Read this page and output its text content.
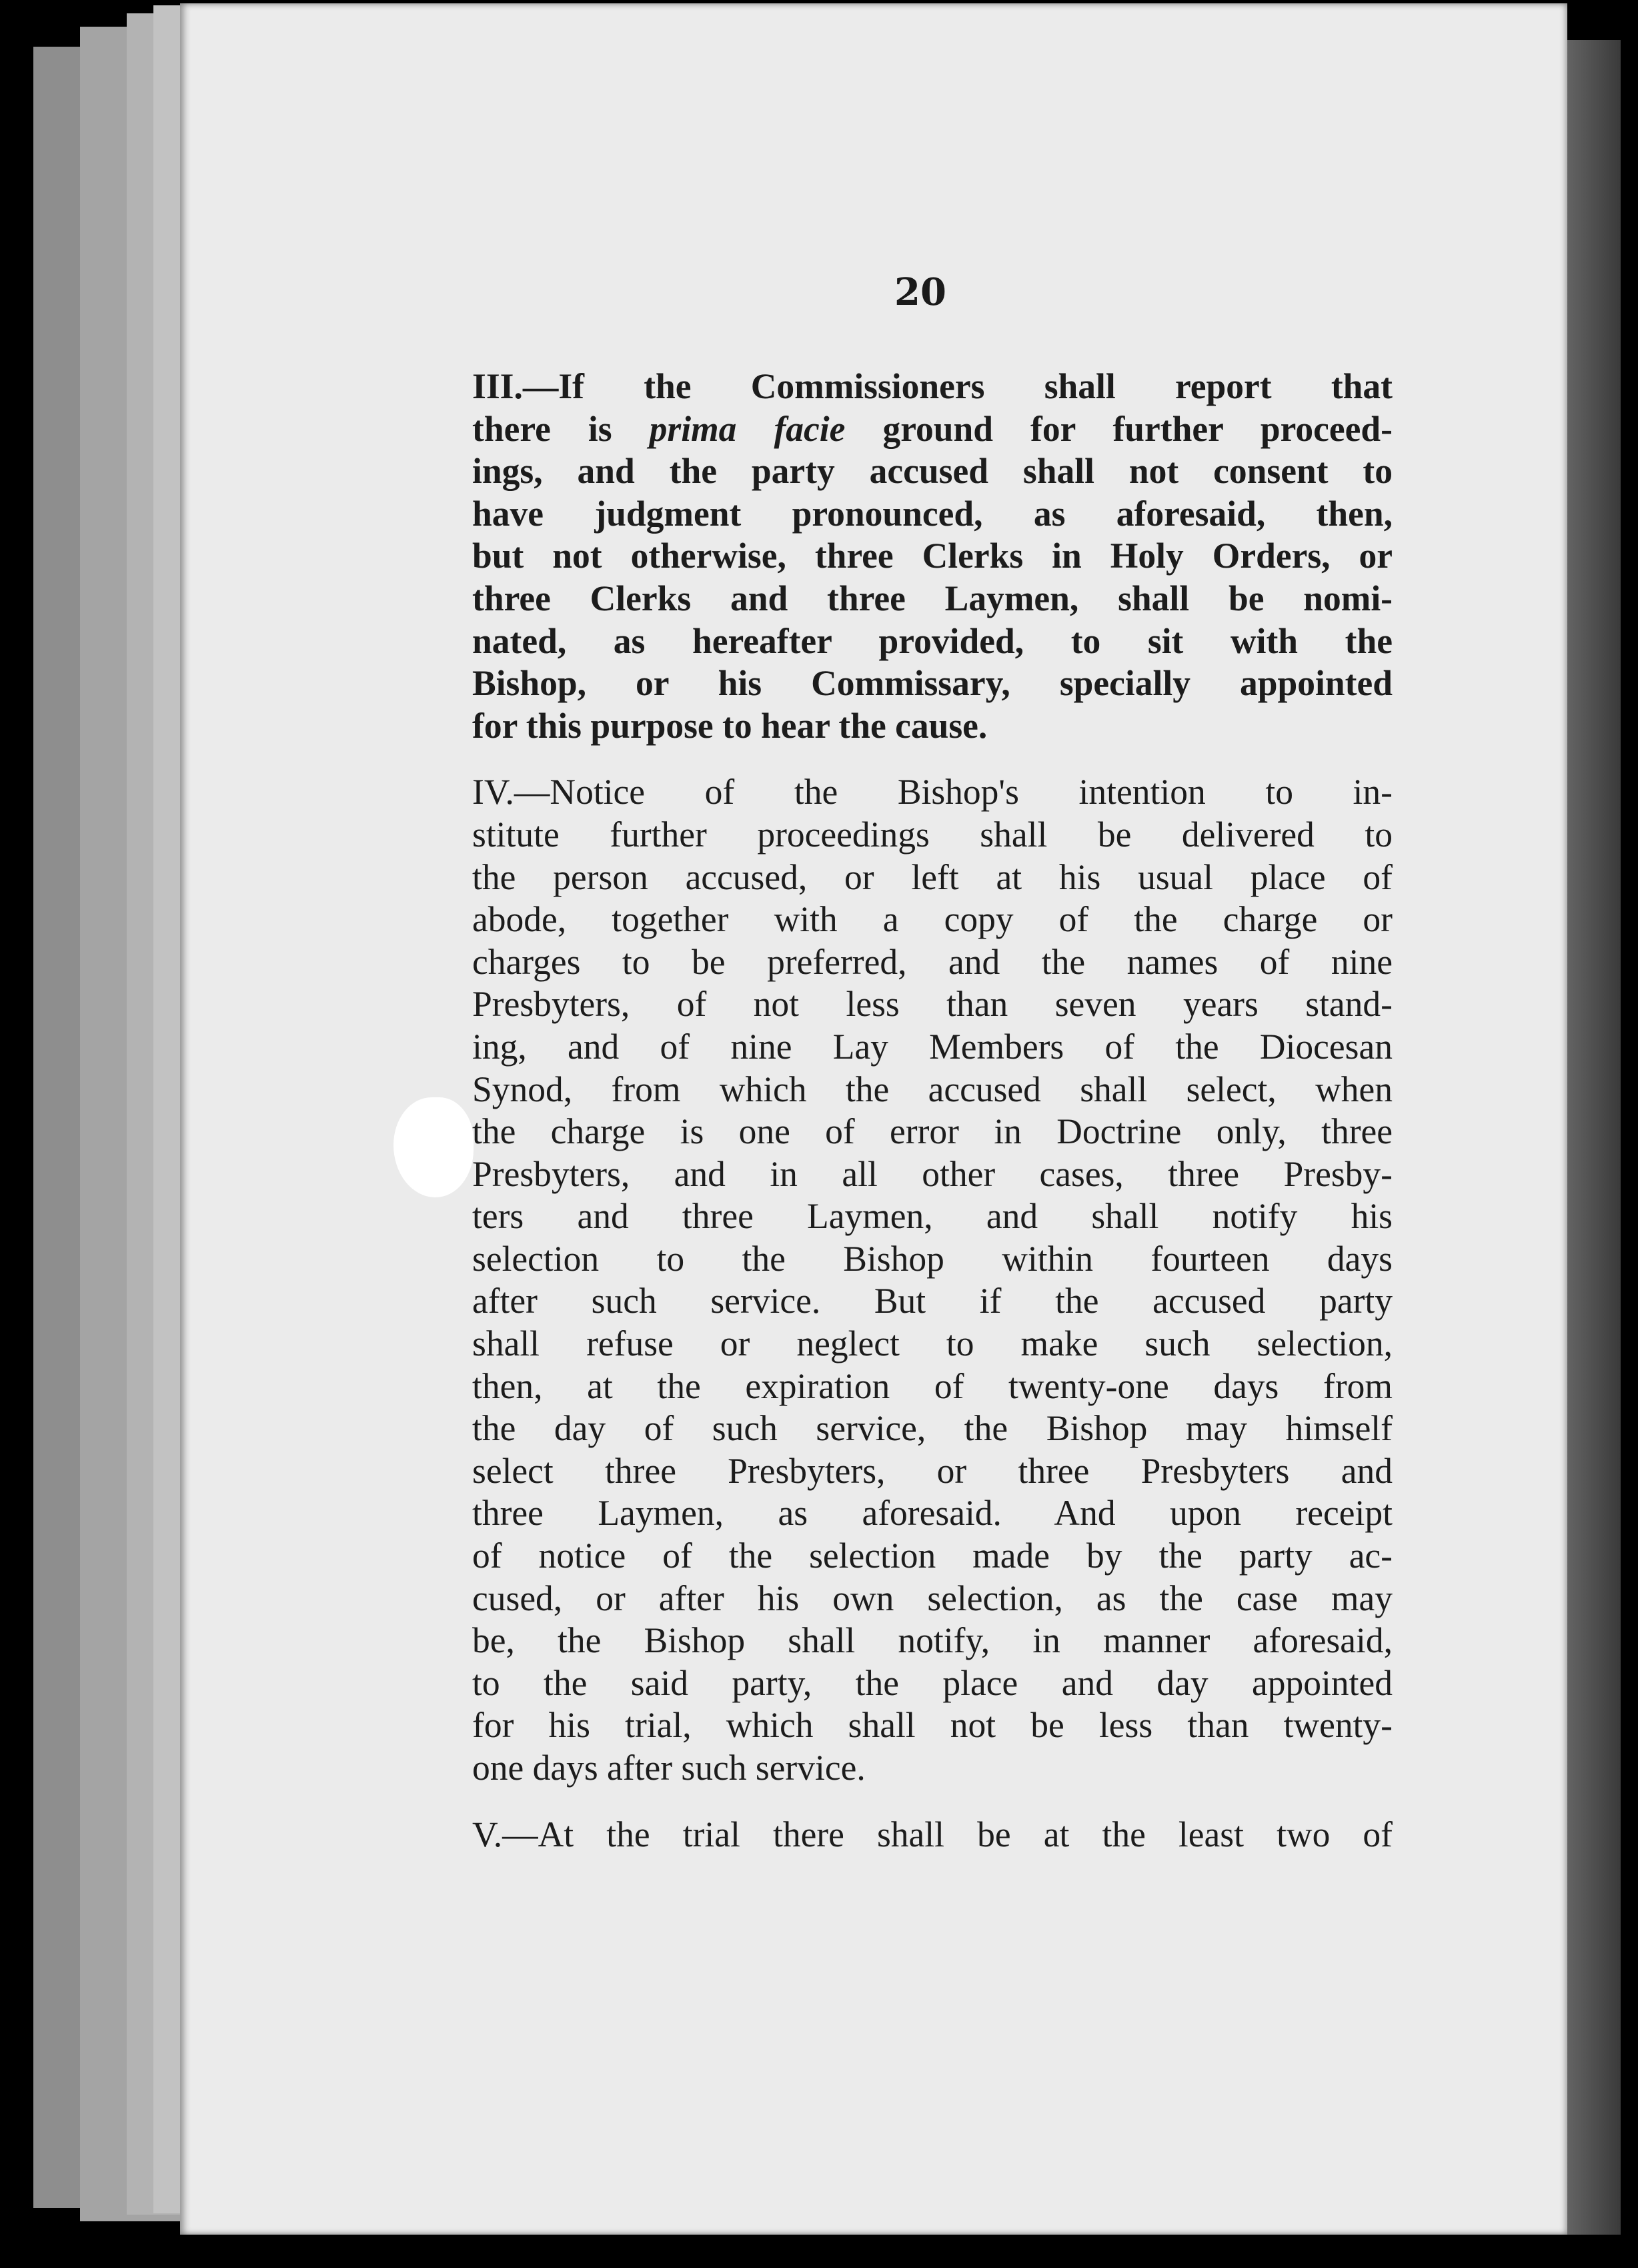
20
III.—If the Commissioners shall report that
there is prima facie ground for further proceed-
ings, and the party accused shall not consent to
have judgment pronounced, as aforesaid, then,
but not otherwise, three Clerks in Holy Orders, or
three Clerks and three Laymen, shall be nomi-
nated, as hereafter provided, to sit with the
Bishop, or his Commissary, specially appointed
for this purpose to hear the cause.
IV.—Notice of the Bishop's intention to in-
stitute further proceedings shall be delivered to
the person accused, or left at his usual place of
abode, together with a copy of the charge or
charges to be preferred, and the names of nine
Presbyters, of not less than seven years stand-
ing, and of nine Lay Members of the Diocesan
Synod, from which the accused shall select, when
the charge is one of error in Doctrine only, three
Presbyters, and in all other cases, three Presby-
ters and three Laymen, and shall notify his
selection to the Bishop within fourteen days
after such service. But if the accused party
shall refuse or neglect to make such selection,
then, at the expiration of twenty-one days from
the day of such service, the Bishop may himself
select three Presbyters, or three Presbyters and
three Laymen, as aforesaid. And upon receipt
of notice of the selection made by the party ac-
cused, or after his own selection, as the case may
be, the Bishop shall notify, in manner aforesaid,
to the said party, the place and day appointed
for his trial, which shall not be less than twenty-
one days after such service.
V.—At the trial there shall be at the least two of
